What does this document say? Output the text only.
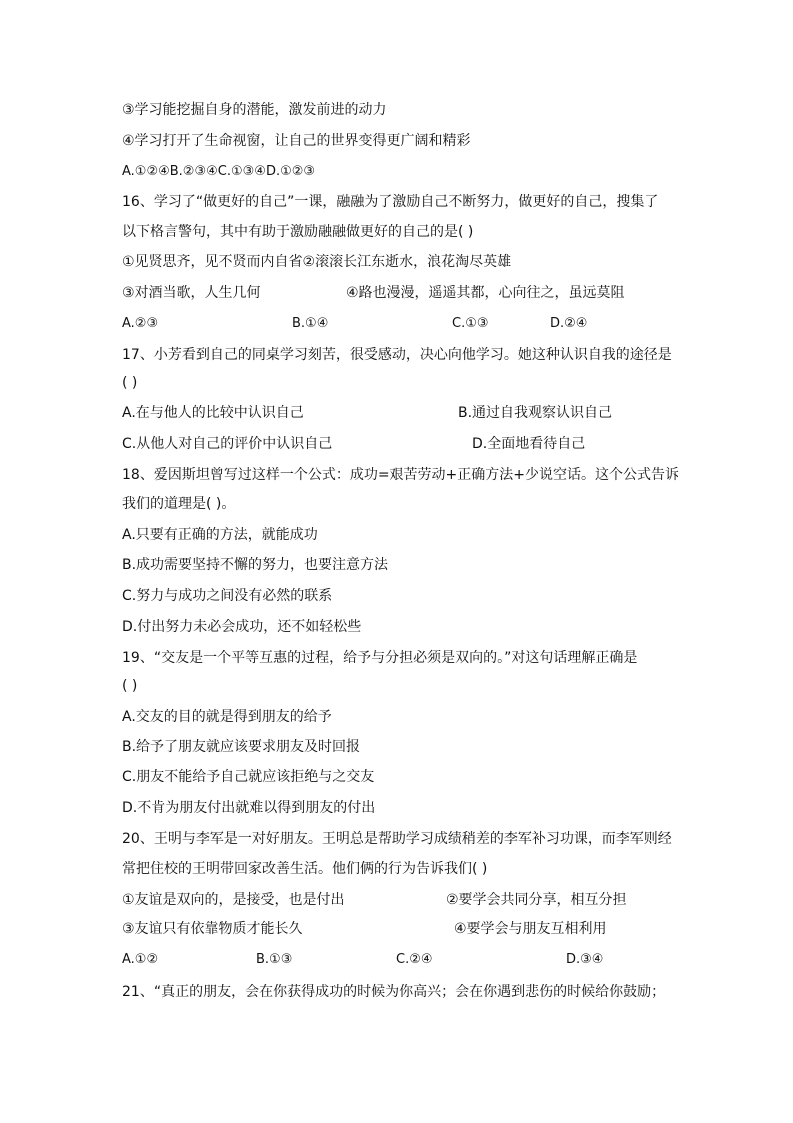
③学习能挖掘自身的潜能，激发前进的动力
④学习打开了生命视窗，让自己的世界变得更广阔和精彩
A.①②④B.②③④C.①③④D.①②③
16、学习了“做更好的自己”一课，融融为了激励自己不断努力，做更好的自己，搜集了
以下格言警句，其中有助于激励融融做更好的自己的是( )
①见贤思齐，见不贤而内自省②滚滚长江东逝水，浪花淘尽英雄
③对酒当歌，人生几何	④路也漫漫，遥遥其都，心向往之，虽远莫阻
A.②③	B.①④	C.①③	D.②④
17、小芳看到自己的同桌学习刻苦，很受感动，决心向他学习。她这种认识自我的途径是
( )
A.在与他人的比较中认识自己	B.通过自我观察认识自己
C.从他人对自己的评价中认识自己	D.全面地看待自己
18、爱因斯坦曾写过这样一个公式：成功=艰苦劳动+正确方法+少说空话。这个公式告诉
我们的道理是( )。
A.只要有正确的方法，就能成功
B.成功需要坚持不懈的努力，也要注意方法
C.努力与成功之间没有必然的联系
D.付出努力未必会成功，还不如轻松些
19、“交友是一个平等互惠的过程，给予与分担必须是双向的。”对这句话理解正确是
( )
A.交友的目的就是得到朋友的给予
B.给予了朋友就应该要求朋友及时回报
C.朋友不能给予自己就应该拒绝与之交友
D.不肯为朋友付出就难以得到朋友的付出
20、王明与李军是一对好朋友。王明总是帮助学习成绩稍差的李军补习功课，而李军则经
常把住校的王明带回家改善生活。他们俩的行为告诉我们( )
①友谊是双向的，是接受，也是付出	②要学会共同分享，相互分担
③友谊只有依靠物质才能长久	④要学会与朋友互相利用
A.①②	B.①③	C.②④	D.③④
21、“真正的朋友，会在你获得成功的时候为你高兴；会在你遇到悲伤的时候给你鼓励；
